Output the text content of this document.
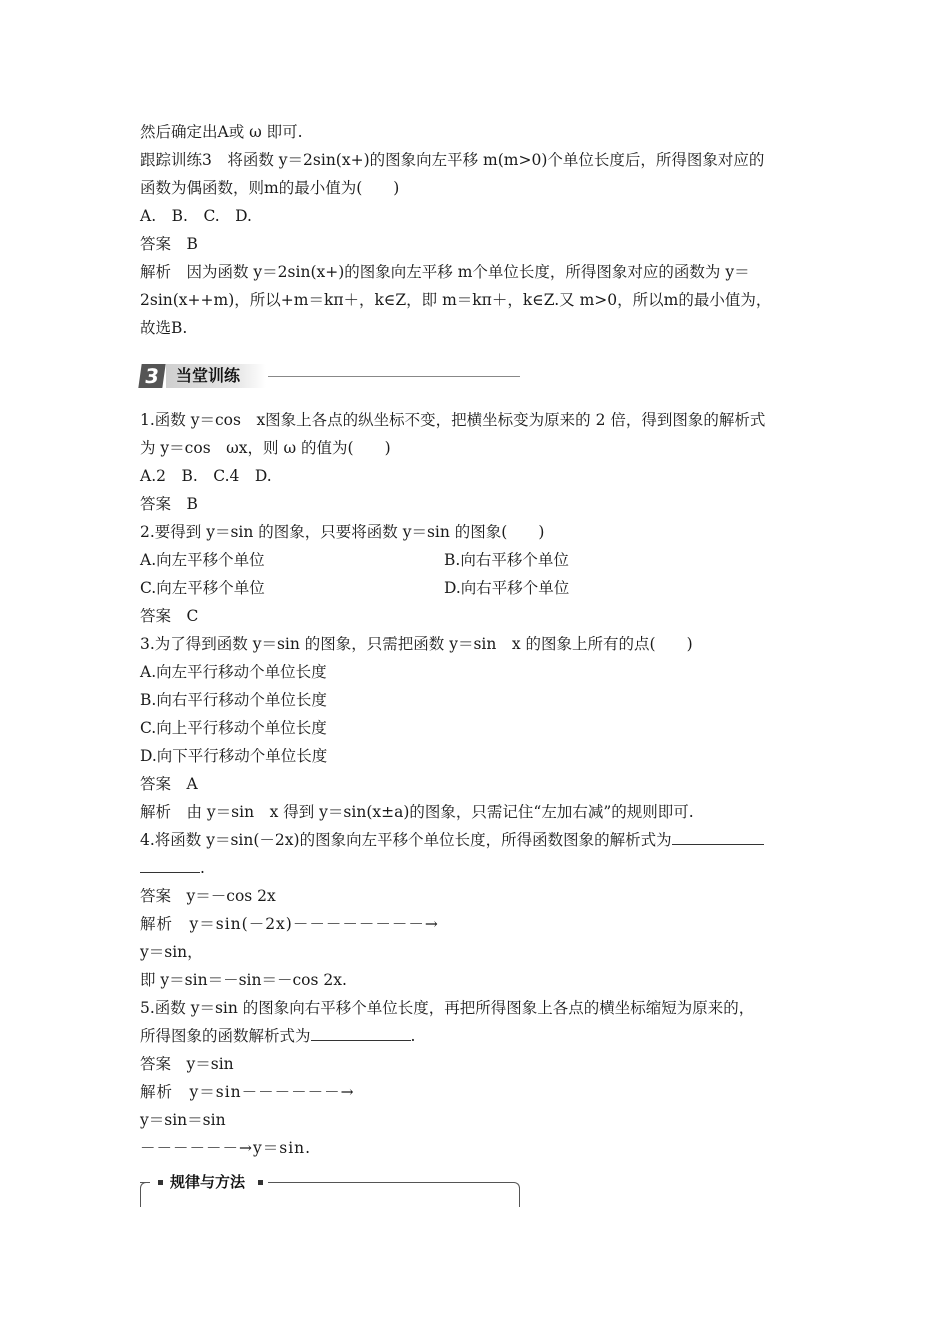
然后确定出A或 ω 即可.
跟踪训练3　将函数 y＝2sin(x+)的图象向左平移 m(m>0)个单位长度后，所得图象对应的
函数为偶函数，则m的最小值为(　　)
A.　B.　C.　D.
答案　B
解析　因为函数 y＝2sin(x+)的图象向左平移 m个单位长度，所得图象对应的函数为 y＝
2sin(x++m)，所以+m＝kπ＋，k∈Z，即 m＝kπ＋，k∈Z.又 m>0，所以m的最小值为，
故选B.
3 当堂训练
1.函数 y＝cos　x图象上各点的纵坐标不变，把横坐标变为原来的 2 倍，得到图象的解析式
为 y＝cos　ωx，则 ω 的值为(　　)
A.2　B.　C.4　D.
答案　B
2.要得到 y＝sin 的图象，只要将函数 y＝sin 的图象(　　)
A.向左平移个单位	B.向右平移个单位
C.向左平移个单位	D.向右平移个单位
答案　C
3.为了得到函数 y＝sin 的图象，只需把函数 y＝sin　x 的图象上所有的点(　　)
A.向左平行移动个单位长度
B.向右平行移动个单位长度
C.向上平行移动个单位长度
D.向下平行移动个单位长度
答案　A
解析　由 y＝sin　x 得到 y＝sin(x±a)的图象，只需记住“左加右减”的规则即可.
4.将函数 y＝sin(－2x)的图象向左平移个单位长度，所得函数图象的解析式为
.
答案　y＝－cos 2x
解析　y＝sin(－2x)－－－－－－－－→
y＝sin，
即 y＝sin＝－sin＝－cos 2x.
5.函数 y＝sin 的图象向右平移个单位长度，再把所得图象上各点的横坐标缩短为原来的，
所得图象的函数解析式为	.
答案　y＝sin
解析　y＝sin－－－－－－→
y＝sin＝sin
－－－－－－→y＝sin.
规律与方法
